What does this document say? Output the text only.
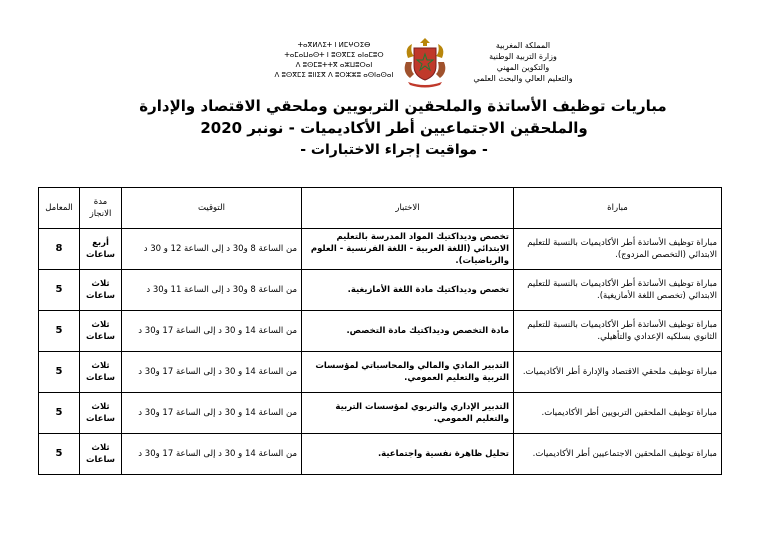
ⵜⴰⴳⵍⴷⵉⵜ ⵏ ⵍⵎⵖⵔⵉⴱ
ⵜⴰⵎⴰⵡⴰⵙⵜ ⵏ ⵓⵙⴳⵎⵉ ⴰⵏⴰⵎⵓⵔ
ⴷ ⵓⵙⵎⵓⵜⵜⴳ ⴰⵣⵡⵓⵔⴰⵏ
ⴷ ⵓⵙⴳⵎⵉ ⵓⵏⵏⵉⴳ ⴷ ⵓⵔⵣⵣⵓ ⴰⵙⵏⴰⵙⴰⵏ
المملكة المغربية
وزارة التربية الوطنية
والتكوين المهني
والتعليم العالي والبحث العلمي
مباريات توظيف الأساتذة والملحقين التربويين وملحقي الاقتصاد والإدارة
والملحقين الاجتماعيين أطر الأكاديميات - نونبر 2020
- مواقيت إجراء الاختبارات -
مباراة	الاختبار	التوقيت	مدة الانجاز	المعامل
مباراة توظيف الأساتذة أطر الأكاديميات بالنسبة للتعليم الابتدائي (التخصص المزدوج).	تخصص وديداكتيك المواد المدرسة بالتعليم الابتدائي (اللغة العربية - اللغة الفرنسية - العلوم والرياضيات).	من الساعة 8 و30 د إلى الساعة 12 و 30 د	أربع ساعات	8
مباراة توظيف الأساتذة أطر الأكاديميات بالنسبة للتعليم الابتدائي (تخصص اللغة الأمازيغية).	تخصص وديداكتيك مادة اللغة الأمازيغية.	من الساعة 8 و30 د إلى الساعة 11 و30 د	ثلاث ساعات	5
مباراة توظيف الأساتذة أطر الأكاديميات بالنسبة للتعليم الثانوي بسلكيه الإعدادي والتأهيلي.	مادة التخصص وديداكتيك مادة التخصص.	من الساعة 14 و 30 د إلى الساعة 17 و30 د	ثلاث ساعات	5
مباراة توظيف ملحقي الاقتصاد والإدارة أطر الأكاديميات.	التدبير المادي والمالي والمحاسباتي لمؤسسات التربية والتعليم العمومي.	من الساعة 14 و 30 د إلى الساعة 17 و30 د	ثلاث ساعات	5
مباراة توظيف الملحقين التربويين أطر الأكاديميات.	التدبير الإداري والتربوي لمؤسسات التربية والتعليم العمومي.	من الساعة 14 و 30 د إلى الساعة 17 و30 د	ثلاث ساعات	5
مباراة توظيف الملحقين الاجتماعيين أطر الأكاديميات.	تحليل ظاهرة نفسية واجتماعية.	من الساعة 14 و 30 د إلى الساعة 17 و30 د	ثلاث ساعات	5
